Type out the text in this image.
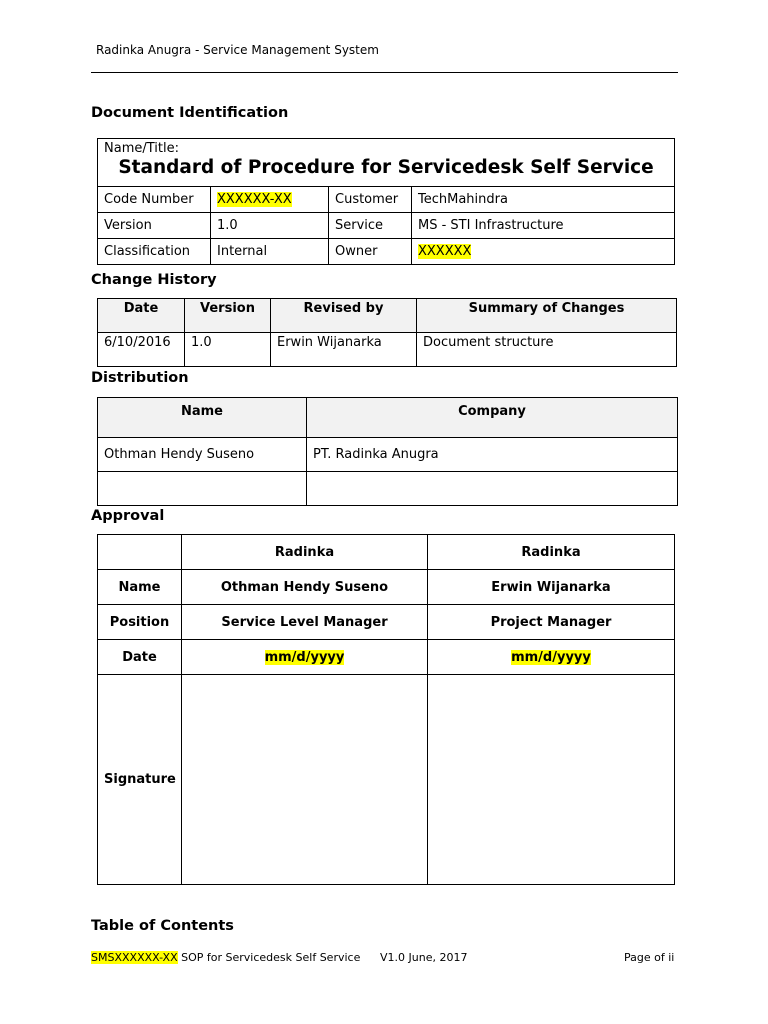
Radinka Anugra - Service Management System
Document Identification
Name/Title:
Standard of Procedure for Servicedesk Self Service			

Code Number	XXXXXX-XX	Customer	TechMahindra
Version	1.0	Service	MS - STI Infrastructure
Classification	Internal	Owner	XXXXXX
Change History
Date	Version	Revised by	Summary of Changes
6/10/2016	1.0	Erwin Wijanarka	Document structure
Distribution
Name	Company
Othman Hendy Suseno	PT. Radinka Anugra

Approval
	Radinka	Radinka
Name	Othman Hendy Suseno	Erwin Wijanarka
Position	Service Level Manager	Project Manager
Date	mm/d/yyyy	mm/d/yyyy
Signature		
Table of Contents
SMSXXXXXX-XX SOP for Servicedesk Self Service V1.0 June, 2017	Page of ii
